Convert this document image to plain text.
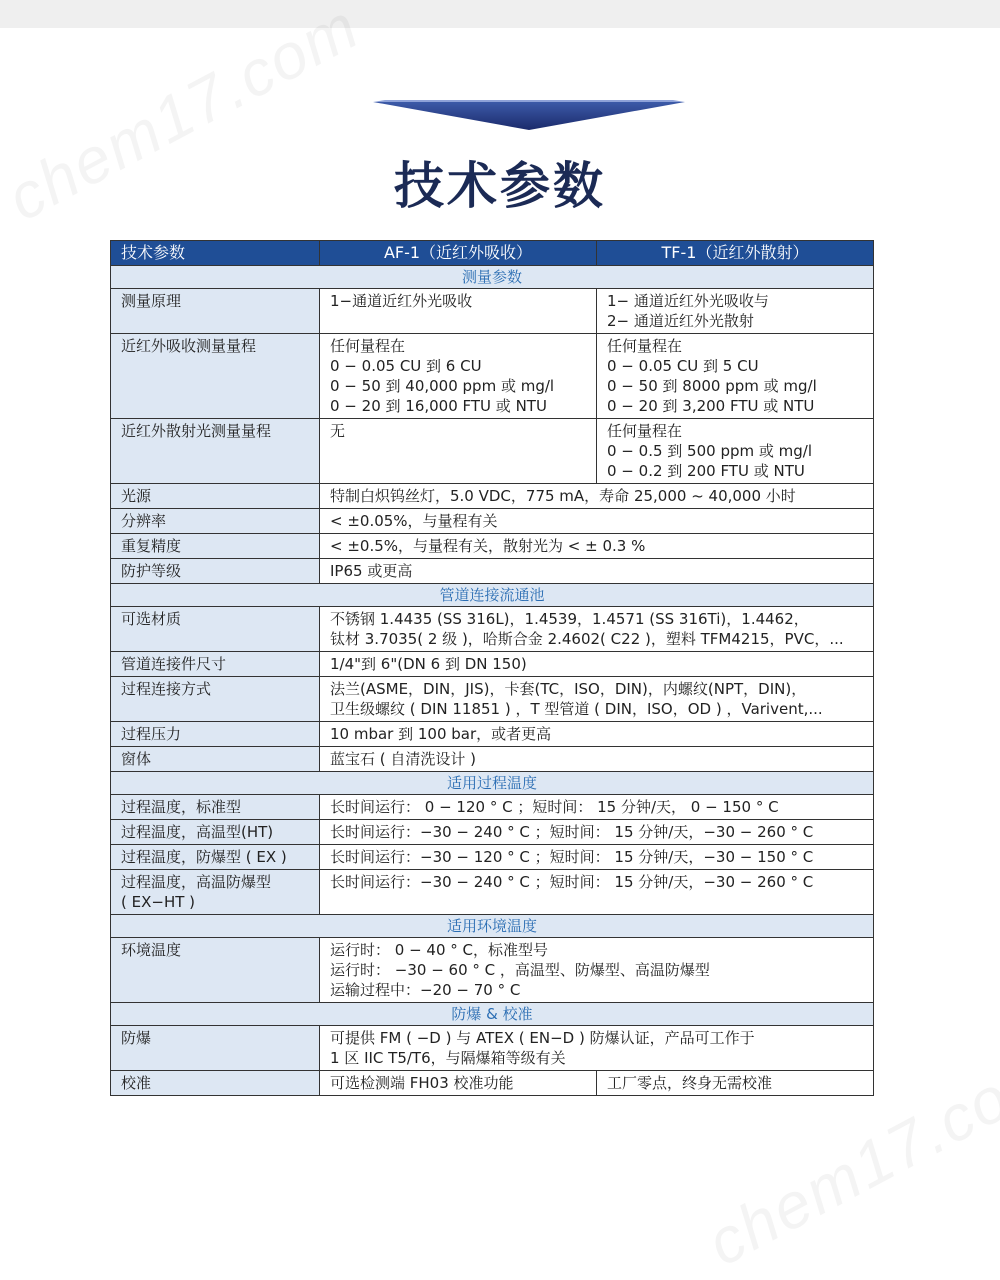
技术参数
技术参数	AF-1（近红外吸收）	TF-1（近红外散射）
测量参数		

测量原理	1−通道近红外光吸收	1− 通道近红外光吸收与
2− 通道近红外光散射

近红外吸收测量量程	任何量程在
0 − 0.05 CU 到 6 CU
0 − 50 到 40,000 ppm 或 mg/l
0 − 20 到 16,000 FTU 或 NTU	任何量程在
0 − 0.05 CU 到 5 CU
0 − 50 到 8000 ppm 或 mg/l
0 − 20 到 3,200 FTU 或 NTU

近红外散射光测量量程	无	任何量程在
0 − 0.5 到 500 ppm 或 mg/l
0 − 0.2 到 200 FTU 或 NTU

光源	特制白炽钨丝灯，5.0 VDC，775 mA，寿命 25,000 ~ 40,000 小时	

分辨率	< ±0.05%，与量程有关	

重复精度	< ±0.5%，与量程有关，散射光为 < ± 0.3 %	

防护等级	IP65 或更高	

管道连接流通池		

可选材质	不锈钢 1.4435 (SS 316L)，1.4539，1.4571 (SS 316Ti)，1.4462，
钛材 3.7035( 2 级 )，哈斯合金 2.4602( C22 )，塑料 TFM4215，PVC，...	

管道连接件尺寸	1/4"到 6"(DN 6 到 DN 150)	

过程连接方式	法兰(ASME，DIN，JIS)，卡套(TC，ISO，DIN)，内螺纹(NPT，DIN)，
卫生级螺纹 ( DIN 11851 ) ，T 型管道 ( DIN，ISO，OD ) ，Varivent,...	

过程压力	10 mbar 到 100 bar，或者更高	

窗体	蓝宝石 ( 自清洗设计 )	

适用过程温度		

过程温度，标准型	长时间运行： 0 − 120 ° C ；短时间： 15 分钟/天， 0 − 150 ° C	

过程温度，高温型(HT)	长时间运行：−30 − 240 ° C ；短时间： 15 分钟/天，−30 − 260 ° C	

过程温度，防爆型 ( EX )	长时间运行：−30 − 120 ° C ；短时间： 15 分钟/天，−30 − 150 ° C	

过程温度，高温防爆型
( EX−HT )	长时间运行：−30 − 240 ° C ；短时间： 15 分钟/天，−30 − 260 ° C	

适用环境温度		

环境温度	运行时： 0 − 40 ° C，标准型号
运行时： −30 − 60 ° C ，高温型、防爆型、高温防爆型
运输过程中：−20 − 70 ° C	

防爆 & 校准		

防爆	可提供 FM ( −D ) 与 ATEX ( EN−D ) 防爆认证，产品可工作于
1 区 IIC T5/T6，与隔爆箱等级有关	

校准	可选检测端 FH03 校准功能	工厂零点，终身无需校准
